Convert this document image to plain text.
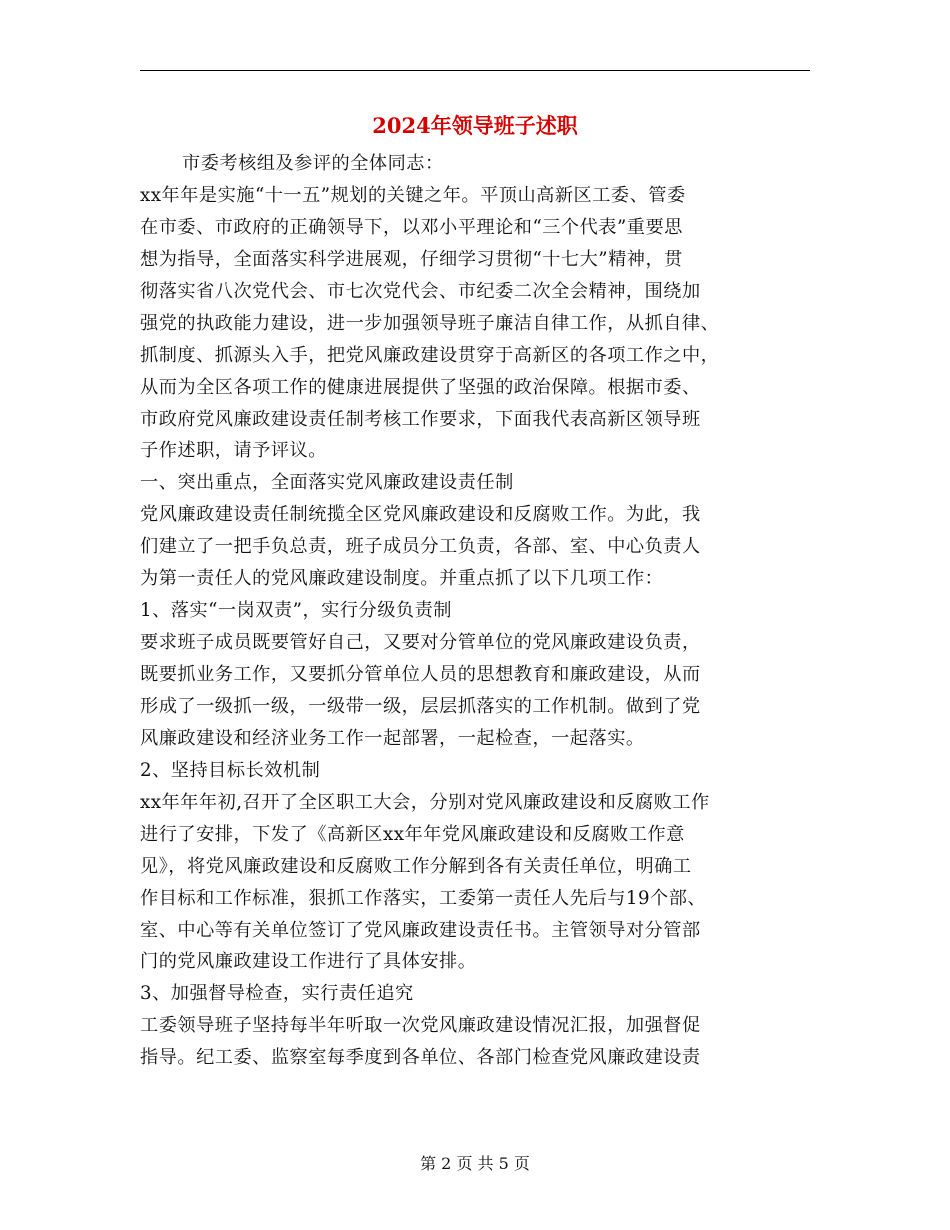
2024年领导班子述职
市委考核组及参评的全体同志：
xx年年是实施“十一五”规划的关键之年。平顶山高新区工委、管委
在市委、市政府的正确领导下，以邓小平理论和“三个代表”重要思
想为指导，全面落实科学进展观，仔细学习贯彻“十七大”精神，贯
彻落实省八次党代会、市七次党代会、市纪委二次全会精神，围绕加
强党的执政能力建设，进一步加强领导班子廉洁自律工作，从抓自律、
抓制度、抓源头入手，把党风廉政建设贯穿于高新区的各项工作之中，
从而为全区各项工作的健康进展提供了坚强的政治保障。根据市委、
市政府党风廉政建设责任制考核工作要求，下面我代表高新区领导班
子作述职，请予评议。
一、突出重点，全面落实党风廉政建设责任制
党风廉政建设责任制统揽全区党风廉政建设和反腐败工作。为此，我
们建立了一把手负总责，班子成员分工负责，各部、室、中心负责人
为第一责任人的党风廉政建设制度。并重点抓了以下几项工作：
1、落实“一岗双责”，实行分级负责制
要求班子成员既要管好自己，又要对分管单位的党风廉政建设负责，
既要抓业务工作，又要抓分管单位人员的思想教育和廉政建设，从而
形成了一级抓一级，一级带一级，层层抓落实的工作机制。做到了党
风廉政建设和经济业务工作一起部署，一起检查，一起落实。
2、坚持目标长效机制
xx年年年初,召开了全区职工大会，分别对党风廉政建设和反腐败工作
进行了安排，下发了《高新区xx年年党风廉政建设和反腐败工作意
见》，将党风廉政建设和反腐败工作分解到各有关责任单位，明确工
作目标和工作标准，狠抓工作落实，工委第一责任人先后与19个部、
室、中心等有关单位签订了党风廉政建设责任书。主管领导对分管部
门的党风廉政建设工作进行了具体安排。
3、加强督导检查，实行责任追究
工委领导班子坚持每半年听取一次党风廉政建设情况汇报，加强督促
指导。纪工委、监察室每季度到各单位、各部门检查党风廉政建设责
第 2 页 共 5 页
